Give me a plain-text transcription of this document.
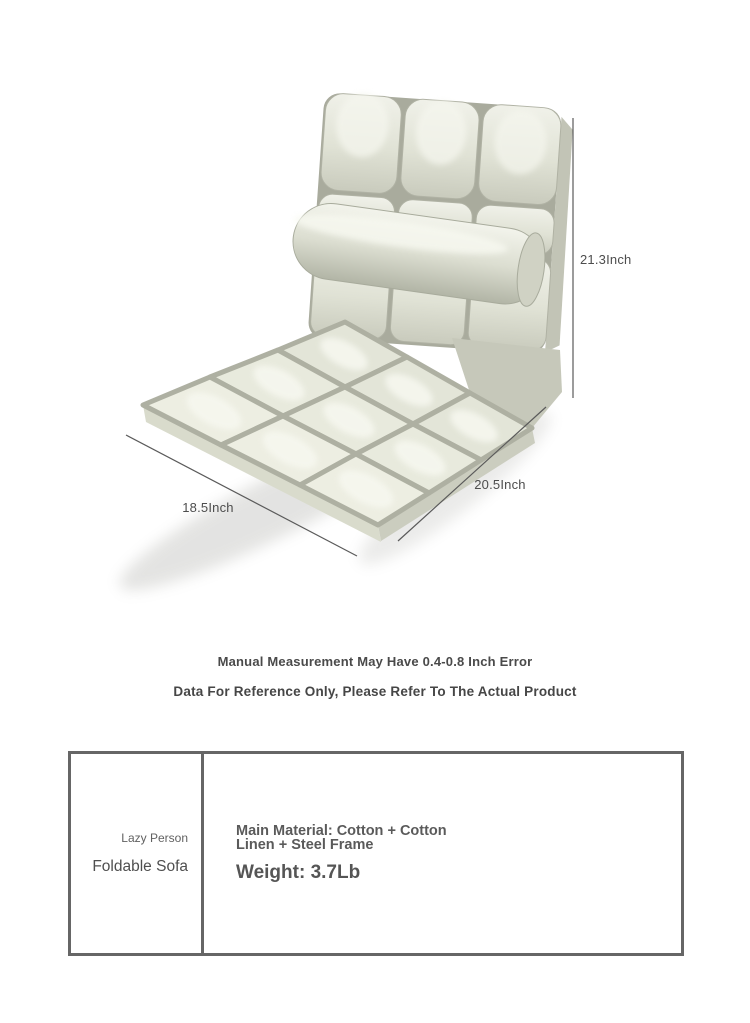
21.3Inch
18.5Inch
20.5Inch
Manual Measurement May Have 0.4-0.8 Inch Error
Data For Reference Only, Please Refer To The Actual Product
Lazy Person
Foldable Sofa
Main Material: Cotton + Cotton
Linen + Steel Frame
Weight: 3.7Lb
